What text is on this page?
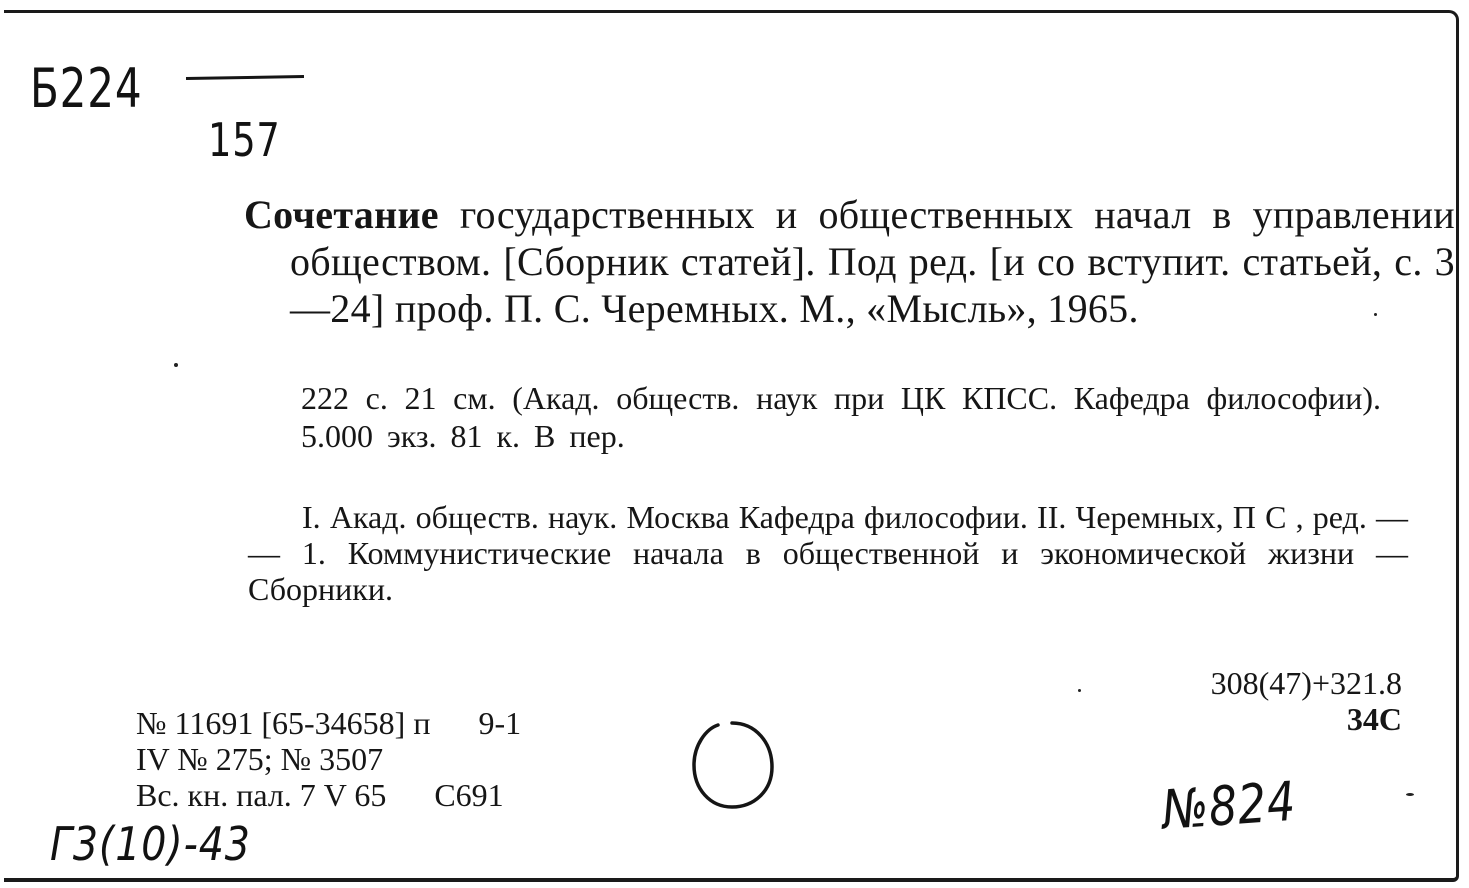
Б224
157
Сочетание государственных и общественных начал в управлении обществом. [Сборник статей]. Под ред. [и со вступит. статьей, с. 3—24] проф. П. С. Черемных. М., «Мысль», 1965.
222 с. 21 см. (Акад. обществ. наук при ЦК КПСС. Кафедра философии). 5.000 экз. 81 к. В пер.
I. Акад. обществ. наук. Москва Кафедра философии. II. Черемных, П С , ред. — — 1. Коммунистические начала в общественной и экономической жизни — Сборники.
308(47)+321.8
34С
№ 11691 [65-34658] п      9-1
IV № 275; № 3507
Вс. кн. пал. 7 V 65      С691
Г3(10)-43
№824
